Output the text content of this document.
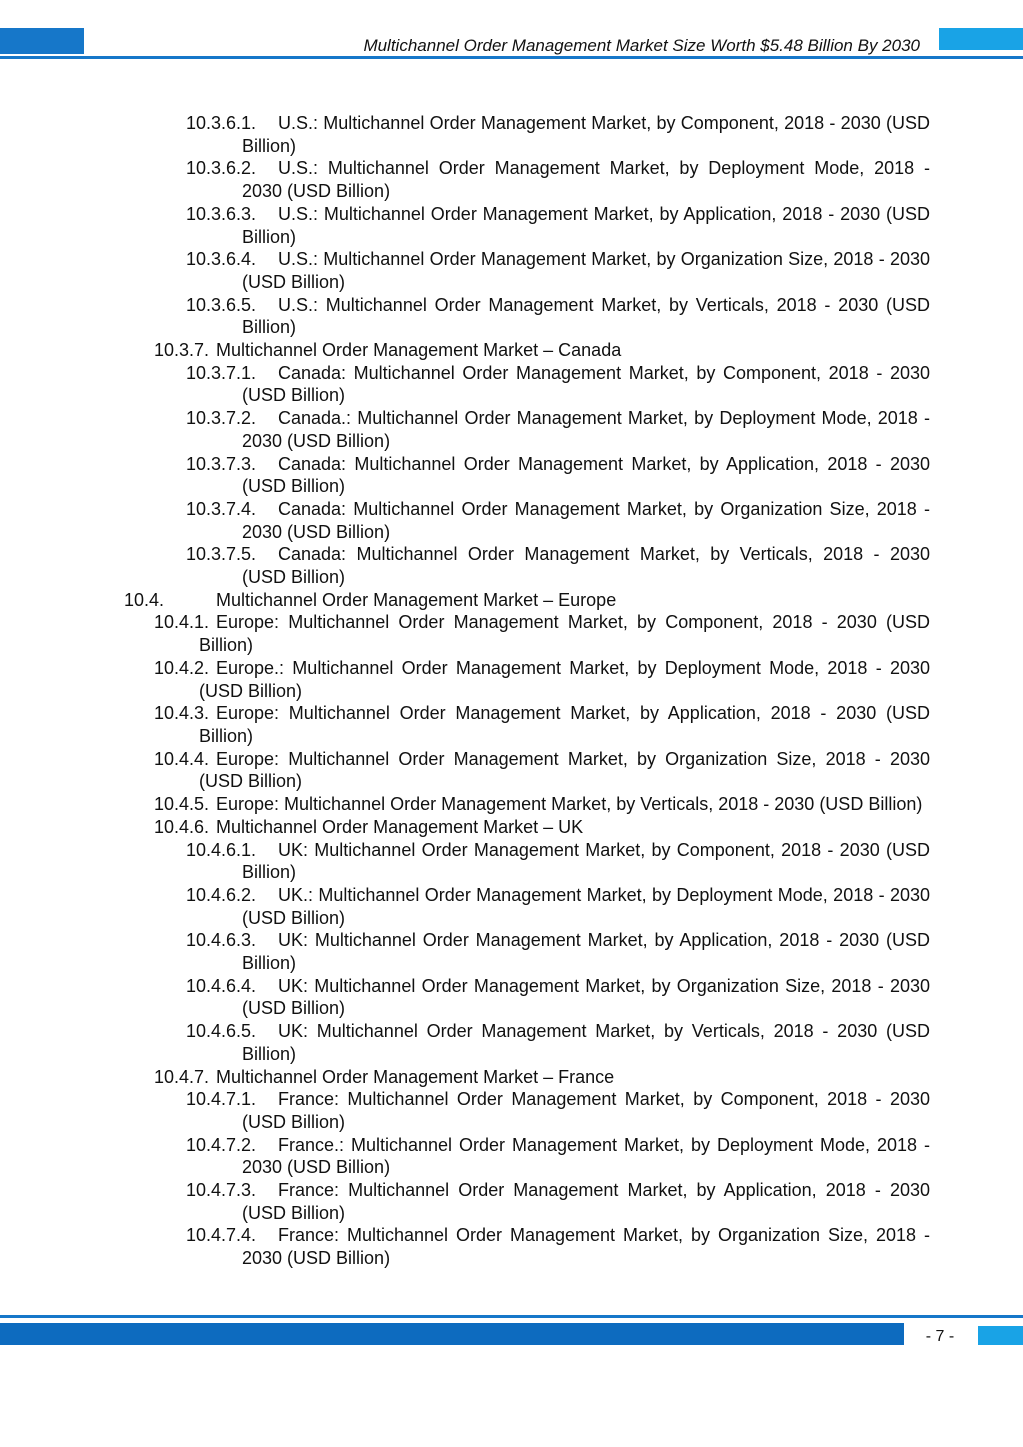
Multichannel Order Management Market Size Worth $5.48 Billion By 2030
10.3.6.1. U.S.: Multichannel Order Management Market, by Component, 2018 - 2030 (USD Billion)
10.3.6.2. U.S.: Multichannel Order Management Market, by Deployment Mode, 2018 - 2030 (USD Billion)
10.3.6.3. U.S.: Multichannel Order Management Market, by Application, 2018 - 2030 (USD Billion)
10.3.6.4. U.S.: Multichannel Order Management Market, by Organization Size, 2018 - 2030 (USD Billion)
10.3.6.5. U.S.: Multichannel Order Management Market, by Verticals, 2018 - 2030 (USD Billion)
10.3.7. Multichannel Order Management Market – Canada
10.3.7.1. Canada: Multichannel Order Management Market, by Component, 2018 - 2030 (USD Billion)
10.3.7.2. Canada.: Multichannel Order Management Market, by Deployment Mode, 2018 - 2030 (USD Billion)
10.3.7.3. Canada: Multichannel Order Management Market, by Application, 2018 - 2030 (USD Billion)
10.3.7.4. Canada: Multichannel Order Management Market, by Organization Size, 2018 - 2030 (USD Billion)
10.3.7.5. Canada: Multichannel Order Management Market, by Verticals, 2018 - 2030 (USD Billion)
10.4.	Multichannel Order Management Market – Europe
10.4.1. Europe: Multichannel Order Management Market, by Component, 2018 - 2030 (USD Billion)
10.4.2. Europe.: Multichannel Order Management Market, by Deployment Mode, 2018 - 2030 (USD Billion)
10.4.3. Europe: Multichannel Order Management Market, by Application, 2018 - 2030 (USD Billion)
10.4.4. Europe: Multichannel Order Management Market, by Organization Size, 2018 - 2030 (USD Billion)
10.4.5. Europe: Multichannel Order Management Market, by Verticals, 2018 - 2030 (USD Billion)
10.4.6. Multichannel Order Management Market – UK
10.4.6.1. UK: Multichannel Order Management Market, by Component, 2018 - 2030 (USD Billion)
10.4.6.2. UK.: Multichannel Order Management Market, by Deployment Mode, 2018 - 2030 (USD Billion)
10.4.6.3. UK: Multichannel Order Management Market, by Application, 2018 - 2030 (USD Billion)
10.4.6.4. UK: Multichannel Order Management Market, by Organization Size, 2018 - 2030 (USD Billion)
10.4.6.5. UK: Multichannel Order Management Market, by Verticals, 2018 - 2030 (USD Billion)
10.4.7. Multichannel Order Management Market – France
10.4.7.1. France: Multichannel Order Management Market, by Component, 2018 - 2030 (USD Billion)
10.4.7.2. France.: Multichannel Order Management Market, by Deployment Mode, 2018 - 2030 (USD Billion)
10.4.7.3. France: Multichannel Order Management Market, by Application, 2018 - 2030 (USD Billion)
10.4.7.4. France: Multichannel Order Management Market, by Organization Size, 2018 - 2030 (USD Billion)
- 7 -
